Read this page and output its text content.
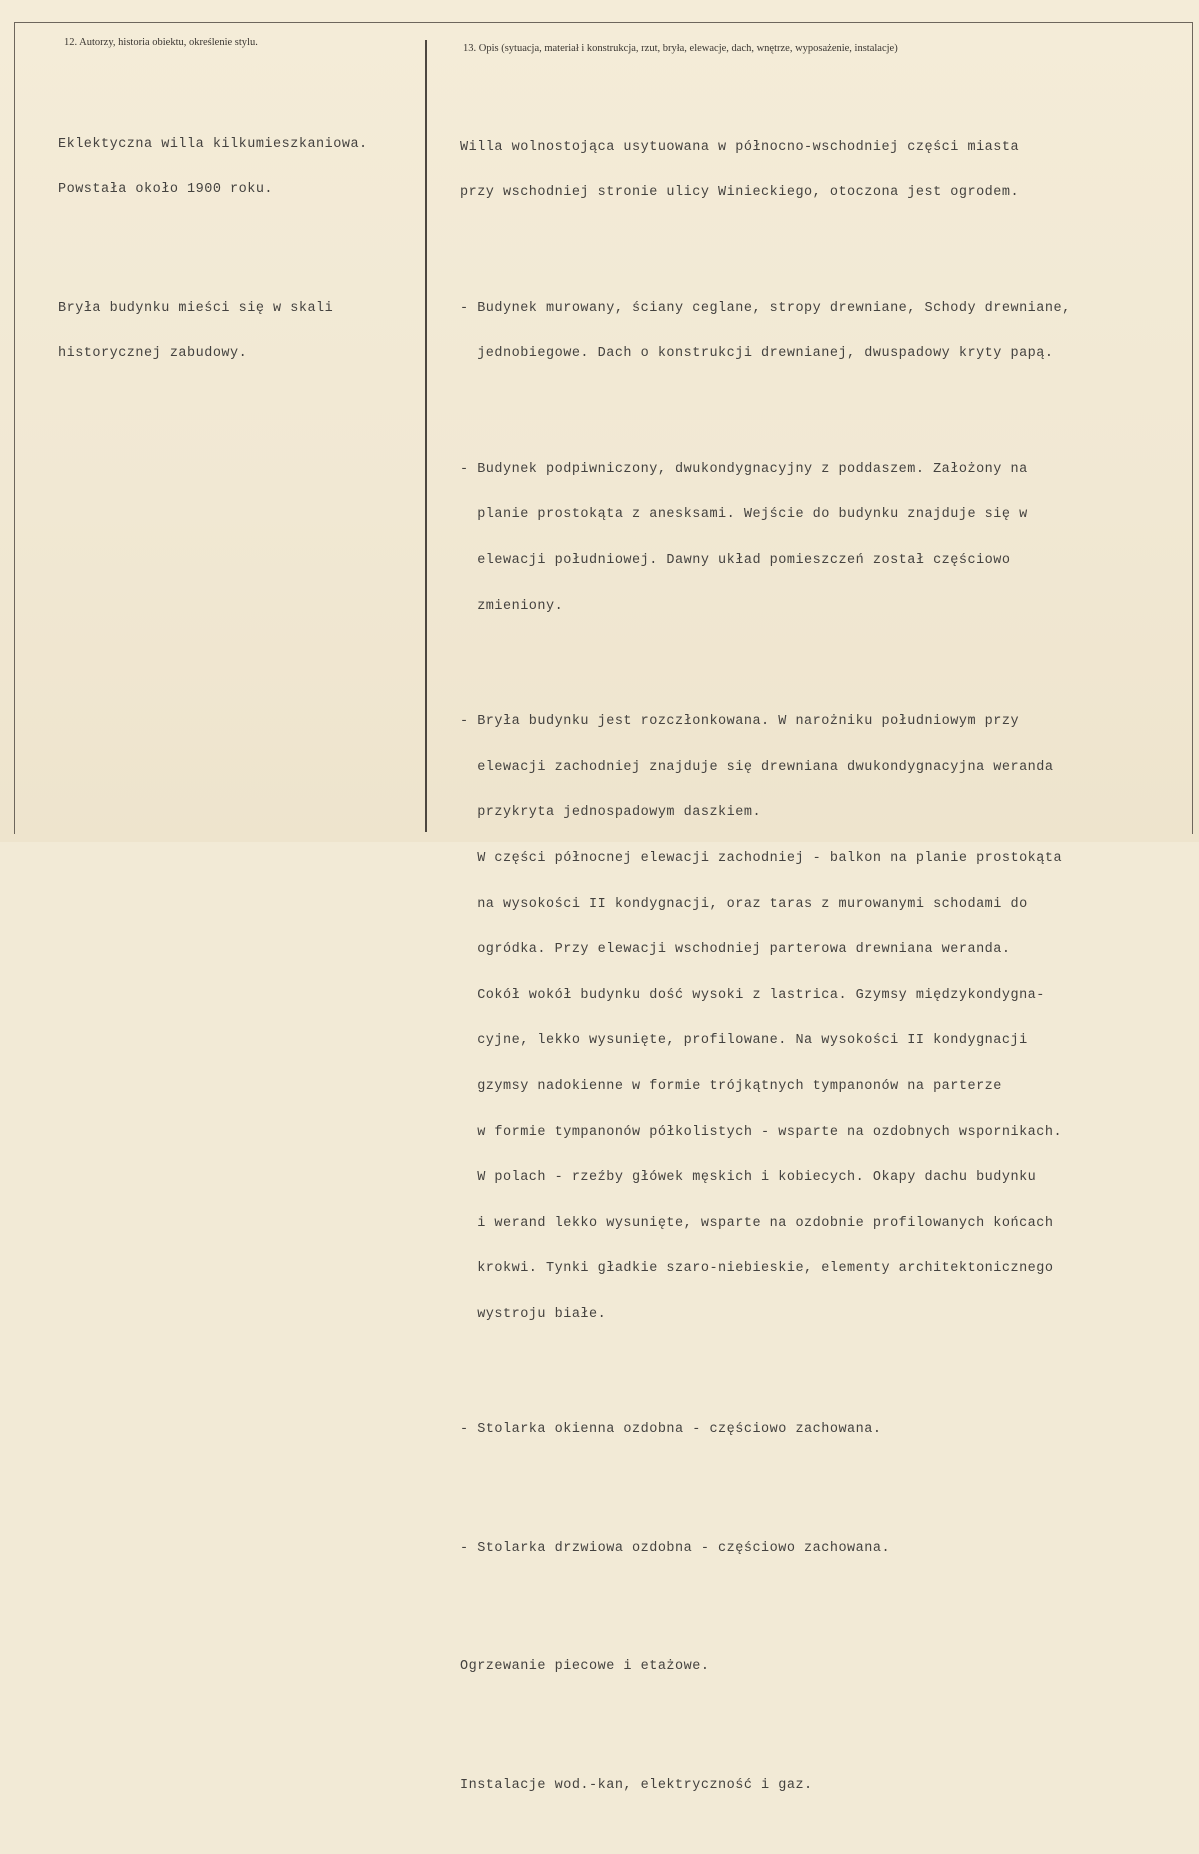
12. Autorzy, historia obiektu, określenie stylu.
13. Opis (sytuacja, materiał i konstrukcja, rzut, bryła, elewacje, dach, wnętrze, wyposażenie, instalacje)

Eklektyczna willa kilkumieszkaniowa.

Powstała około 1900 roku.

Bryła budynku mieści się w skali

historycznej zabudowy.

Willa wolnostojąca usytuowana w północno-wschodniej części miasta

przy wschodniej stronie ulicy Winieckiego, otoczona jest ogrodem.

- Budynek murowany, ściany ceglane, stropy drewniane, Schody drewniane,

jednobiegowe. Dach o konstrukcji drewnianej, dwuspadowy kryty papą.

- Budynek podpiwniczony, dwukondygnacyjny z poddaszem. Założony na

planie prostokąta z anesksami. Wejście do budynku znajduje się w

elewacji południowej. Dawny układ pomieszczeń został częściowo

zmieniony.

- Bryła budynku jest rozczłonkowana. W narożniku południowym przy

elewacji zachodniej znajduje się drewniana dwukondygnacyjna weranda

przykryta jednospadowym daszkiem.

W części północnej elewacji zachodniej - balkon na planie prostokąta

na wysokości II kondygnacji, oraz taras z murowanymi schodami do

ogródka. Przy elewacji wschodniej parterowa drewniana weranda.

Cokół wokół budynku dość wysoki z lastrica. Gzymsy międzykondygna-

cyjne, lekko wysunięte, profilowane. Na wysokości II kondygnacji

gzymsy nadokienne w formie trójkątnych tympanonów na parterze

w formie tympanonów półkolistych - wsparte na ozdobnych wspornikach.

W polach - rzeźby główek męskich i kobiecych. Okapy dachu budynku

i werand lekko wysunięte, wsparte na ozdobnie profilowanych końcach

krokwi. Tynki gładkie szaro-niebieskie, elementy architektonicznego

wystroju białe.

- Stolarka okienna ozdobna - częściowo zachowana.

- Stolarka drzwiowa ozdobna - częściowo zachowana.

Ogrzewanie piecowe i etażowe.

Instalacje wod.-kan, elektryczność i gaz.
